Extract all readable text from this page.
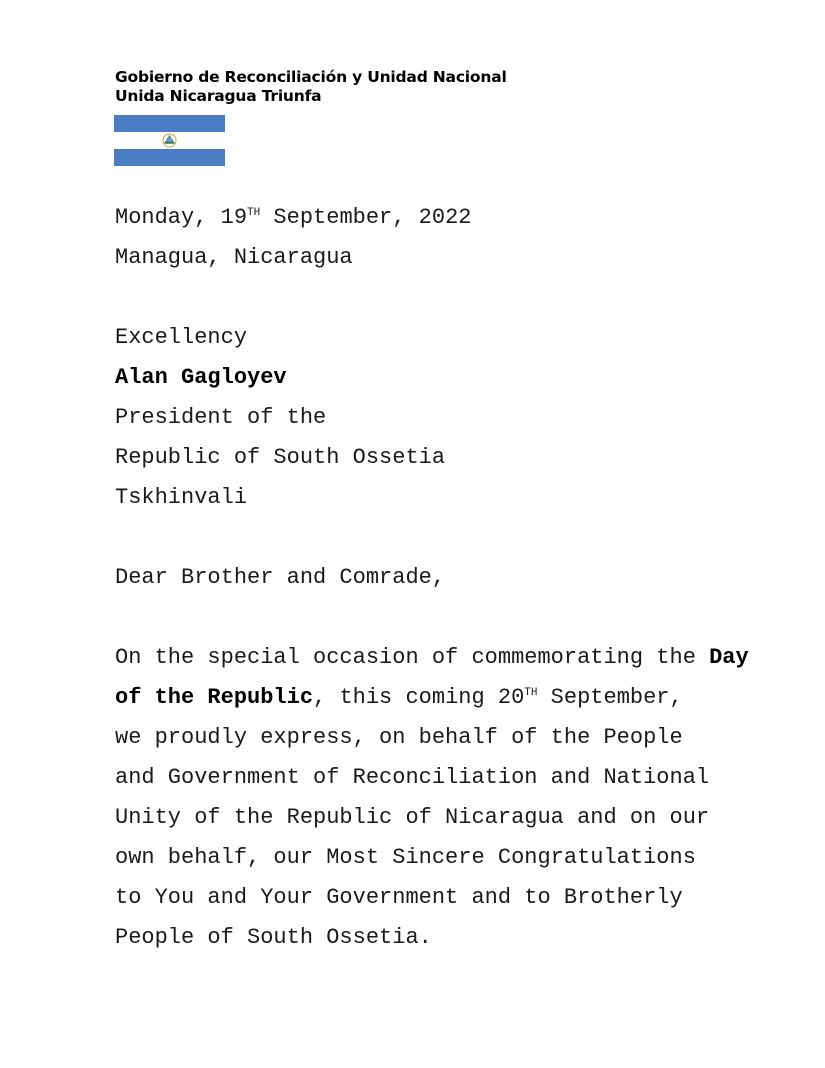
Gobierno de Reconciliación y Unidad Nacional
Unida Nicaragua Triunfa
Monday, 19TH September, 2022
Managua, Nicaragua
Excellency
Alan Gagloyev
President of the
Republic of South Ossetia
Tskhinvali
Dear Brother and Comrade,
On the special occasion of commemorating the Day
of the Republic, this coming 20TH September,
we proudly express, on behalf of the People
and Government of Reconciliation and National
Unity of the Republic of Nicaragua and on our
own behalf, our Most Sincere Congratulations
to You and Your Government and to Brotherly
People of South Ossetia.
